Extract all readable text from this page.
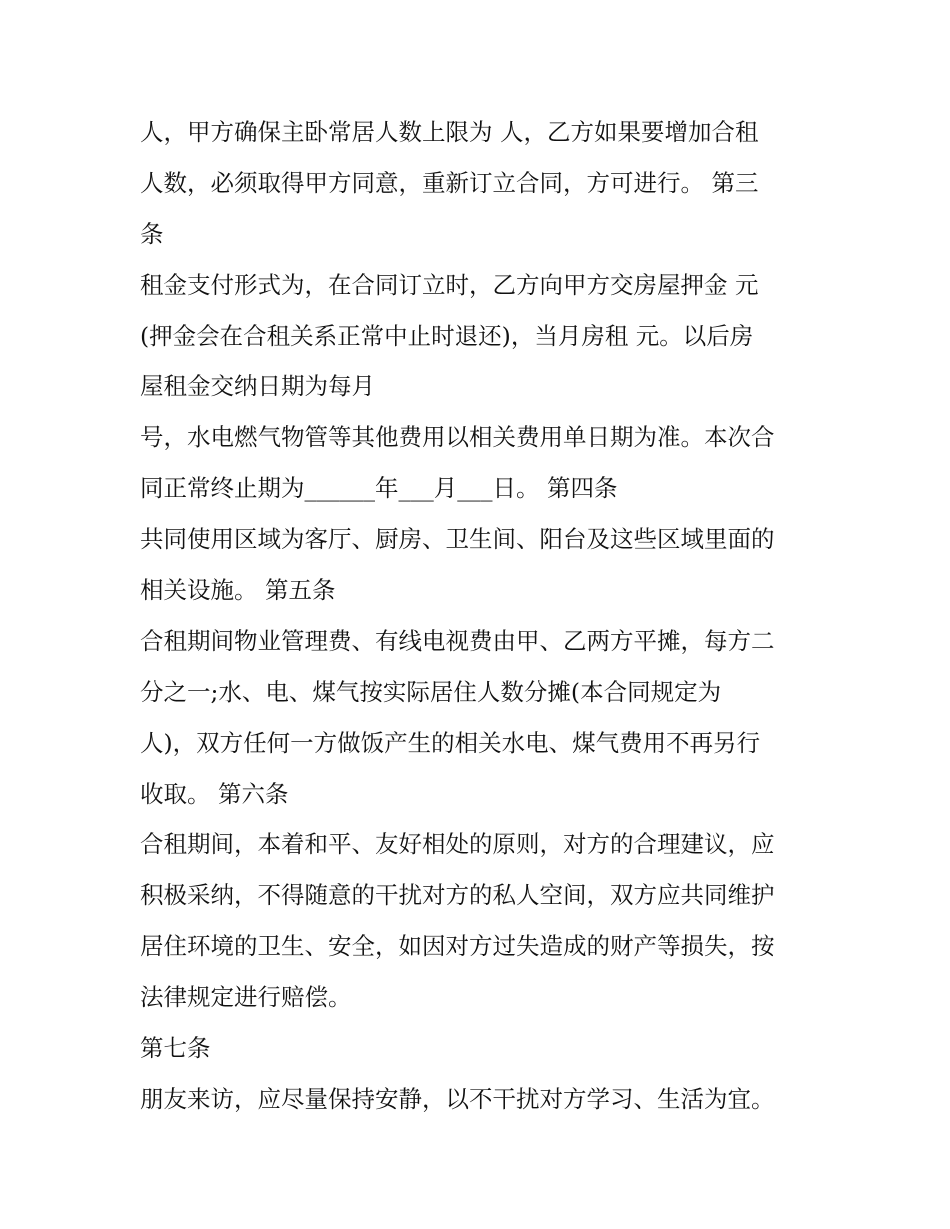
人，甲方确保主卧常居人数上限为 人，乙方如果要增加合租
人数，必须取得甲方同意，重新订立合同，方可进行。 第三
条
租金支付形式为，在合同订立时，乙方向甲方交房屋押金 元
(押金会在合租关系正常中止时退还)，当月房租 元。以后房
屋租金交纳日期为每月
号，水电燃气物管等其他费用以相关费用单日期为准。本次合
同正常终止期为______年___月___日。 第四条
共同使用区域为客厅、厨房、卫生间、阳台及这些区域里面的
相关设施。 第五条
合租期间物业管理费、有线电视费由甲、乙两方平摊，每方二
分之一;水、电、煤气按实际居住人数分摊(本合同规定为
人)，双方任何一方做饭产生的相关水电、煤气费用不再另行
收取。 第六条
合租期间，本着和平、友好相处的原则，对方的合理建议，应
积极采纳，不得随意的干扰对方的私人空间，双方应共同维护
居住环境的卫生、安全，如因对方过失造成的财产等损失，按
法律规定进行赔偿。
第七条
朋友来访，应尽量保持安静，以不干扰对方学习、生活为宜。
